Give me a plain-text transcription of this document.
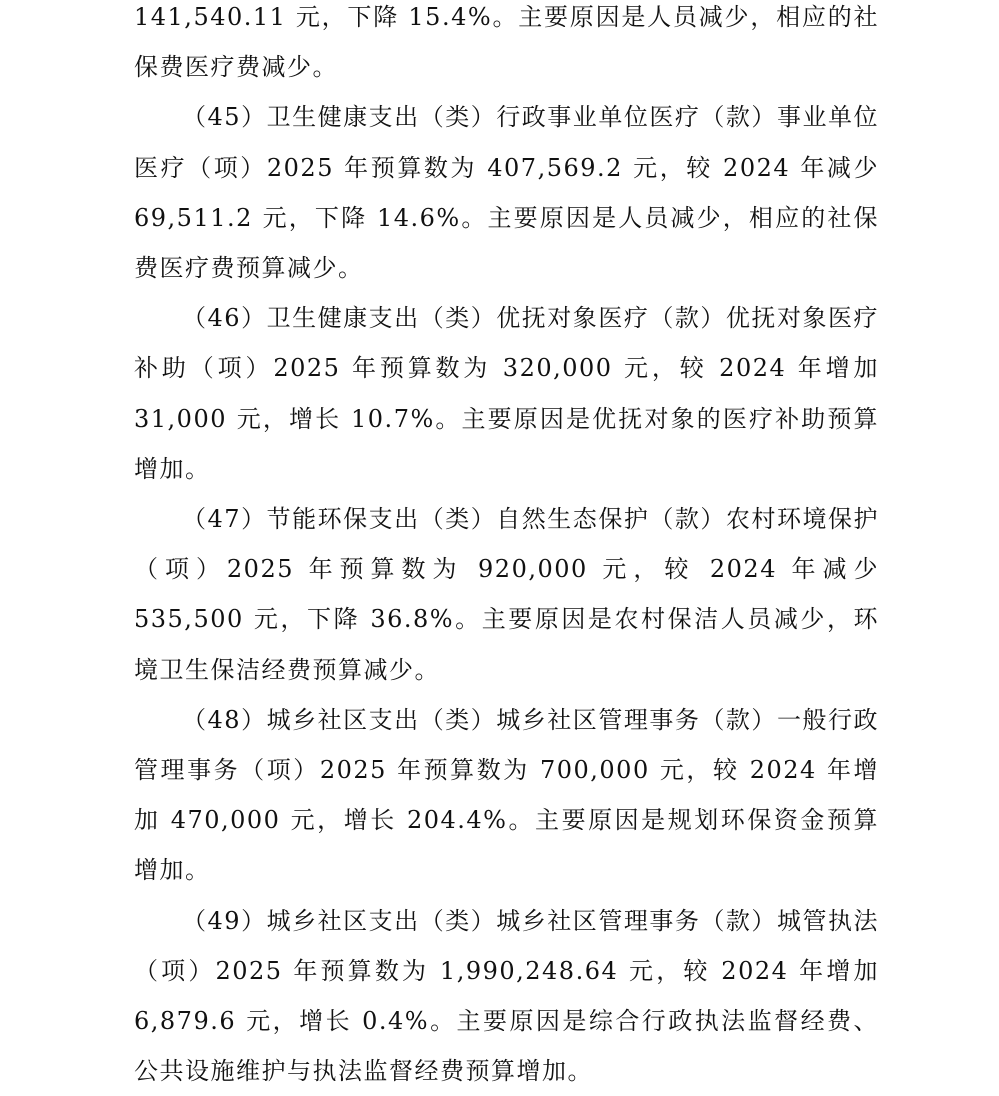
141,540.11 元，下降 15.4%。主要原因是人员减少，相应的社保费医疗费减少。

（45）卫生健康支出（类）行政事业单位医疗（款）事业单位医疗（项）2025 年预算数为 407,569.2 元，较 2024 年减少 69,511.2 元，下降 14.6%。主要原因是人员减少，相应的社保费医疗费预算减少。

（46）卫生健康支出（类）优抚对象医疗（款）优抚对象医疗补助（项）2025 年预算数为 320,000 元，较 2024 年增加 31,000 元，增长 10.7%。主要原因是优抚对象的医疗补助预算增加。

（47）节能环保支出（类）自然生态保护（款）农村环境保护（项）2025 年预算数为 920,000 元，较 2024 年减少 535,500 元，下降 36.8%。主要原因是农村保洁人员减少，环境卫生保洁经费预算减少。

（48）城乡社区支出（类）城乡社区管理事务（款）一般行政管理事务（项）2025 年预算数为 700,000 元，较 2024 年增加 470,000 元，增长 204.4%。主要原因是规划环保资金预算增加。

（49）城乡社区支出（类）城乡社区管理事务（款）城管执法（项）2025 年预算数为 1,990,248.64 元，较 2024 年增加 6,879.6 元，增长 0.4%。主要原因是综合行政执法监督经费、公共设施维护与执法监督经费预算增加。
